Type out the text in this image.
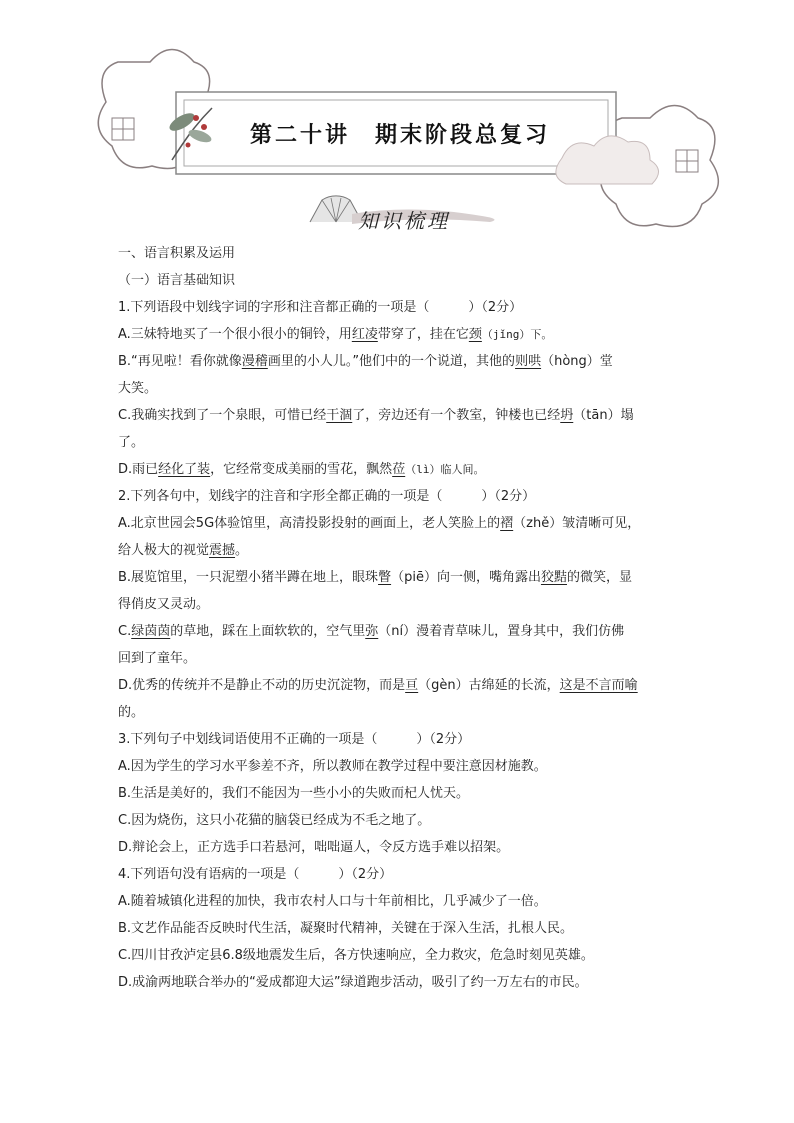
第二十讲　期末阶段总复习
知识梳理

一、语言积累及运用

（一）语言基础知识

1.下列语段中划线字词的字形和注音都正确的一项是（　　　）（2分）

A.三妹特地买了一个很小很小的铜铃，用红凌带穿了，挂在它颈（jǐng）下。

B.“再见啦！看你就像漫稽画里的小人儿。”他们中的一个说道，其他的则哄（hòng）堂

大笑。

C.我确实找到了一个泉眼，可惜已经干涸了，旁边还有一个教室，钟楼也已经坍（tān）塌

了。

D.雨已经化了装，它经常变成美丽的雪花，飘然莅（lì）临人间。

2.下列各句中，划线字的注音和字形全都正确的一项是（　　　）（2分）

A.北京世园会5G体验馆里，高清投影投射的画面上，老人笑脸上的褶（zhě）皱清晰可见，

给人极大的视觉震撼。

B.展览馆里，一只泥塑小猪半蹲在地上，眼珠瞥（piē）向一侧，嘴角露出狡黠的微笑，显

得俏皮又灵动。

C.绿茵茵的草地，踩在上面软软的，空气里弥（ní）漫着青草味儿，置身其中，我们仿佛

回到了童年。

D.优秀的传统并不是静止不动的历史沉淀物，而是亘（gèn）古绵延的长流，这是不言而喻

的。

3.下列句子中划线词语使用不正确的一项是（　　　）（2分）

A.因为学生的学习水平参差不齐，所以教师在教学过程中要注意因材施教。

B.生活是美好的，我们不能因为一些小小的失败而杞人忧天。

C.因为烧伤，这只小花猫的脑袋已经成为不毛之地了。

D.辩论会上，正方选手口若悬河，咄咄逼人，令反方选手难以招架。

4.下列语句没有语病的一项是（　　　）（2分）

A.随着城镇化进程的加快，我市农村人口与十年前相比，几乎减少了一倍。

B.文艺作品能否反映时代生活，凝聚时代精神，关键在于深入生活，扎根人民。

C.四川甘孜泸定县6.8级地震发生后，各方快速响应，全力救灾，危急时刻见英雄。

D.成渝两地联合举办的“爱成都迎大运”绿道跑步活动，吸引了约一万左右的市民。
